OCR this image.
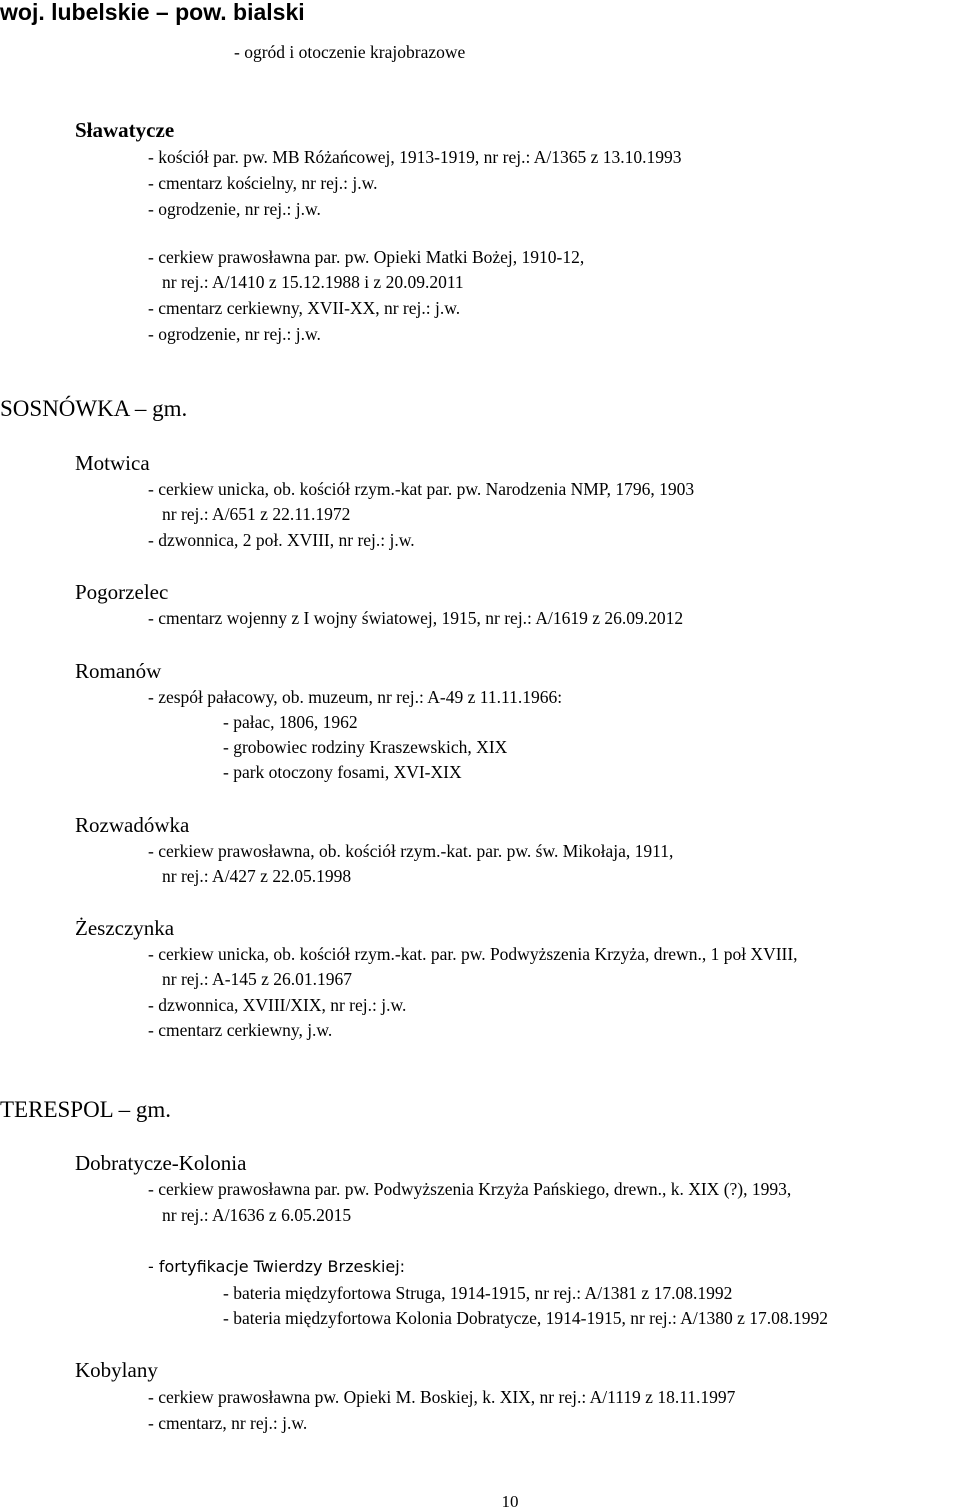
woj. lubelskie – pow. bialski
- ogród i otoczenie krajobrazowe
Sławatycze
- kościół par. pw. MB Różańcowej, 1913-1919, nr rej.: A/1365 z 13.10.1993
- cmentarz kościelny, nr rej.: j.w.
- ogrodzenie, nr rej.: j.w.
- cerkiew prawosławna par. pw. Opieki Matki Bożej, 1910-12,
nr rej.: A/1410 z 15.12.1988 i z 20.09.2011
- cmentarz cerkiewny, XVII-XX, nr rej.: j.w.
- ogrodzenie, nr rej.: j.w.
SOSNÓWKA – gm.
Motwica
- cerkiew unicka, ob. kościół rzym.-kat par. pw. Narodzenia NMP, 1796, 1903
nr rej.: A/651 z 22.11.1972
- dzwonnica, 2 poł. XVIII, nr rej.: j.w.
Pogorzelec
- cmentarz wojenny z I wojny światowej, 1915, nr rej.: A/1619 z 26.09.2012
Romanów
- zespół pałacowy, ob. muzeum, nr rej.: A-49 z 11.11.1966:
- pałac, 1806, 1962
- grobowiec rodziny Kraszewskich, XIX
- park otoczony fosami, XVI-XIX
Rozwadówka
- cerkiew prawosławna, ob. kościół rzym.-kat. par. pw. św. Mikołaja, 1911,
nr rej.: A/427 z 22.05.1998
Żeszczynka
- cerkiew unicka, ob. kościół rzym.-kat. par. pw. Podwyższenia Krzyża, drewn., 1 poł XVIII,
nr rej.: A-145 z 26.01.1967
- dzwonnica, XVIII/XIX, nr rej.: j.w.
- cmentarz cerkiewny, j.w.
TERESPOL – gm.
Dobratycze-Kolonia
- cerkiew prawosławna par. pw. Podwyższenia Krzyża Pańskiego, drewn., k. XIX (?), 1993,
nr rej.: A/1636 z 6.05.2015
- fortyfikacje Twierdzy Brzeskiej:
- bateria międzyfortowa Struga, 1914-1915, nr rej.: A/1381 z 17.08.1992
- bateria międzyfortowa Kolonia Dobratycze, 1914-1915, nr rej.: A/1380 z 17.08.1992
Kobylany
- cerkiew prawosławna pw. Opieki M. Boskiej, k. XIX, nr rej.: A/1119 z 18.11.1997
- cmentarz, nr rej.: j.w.
10
